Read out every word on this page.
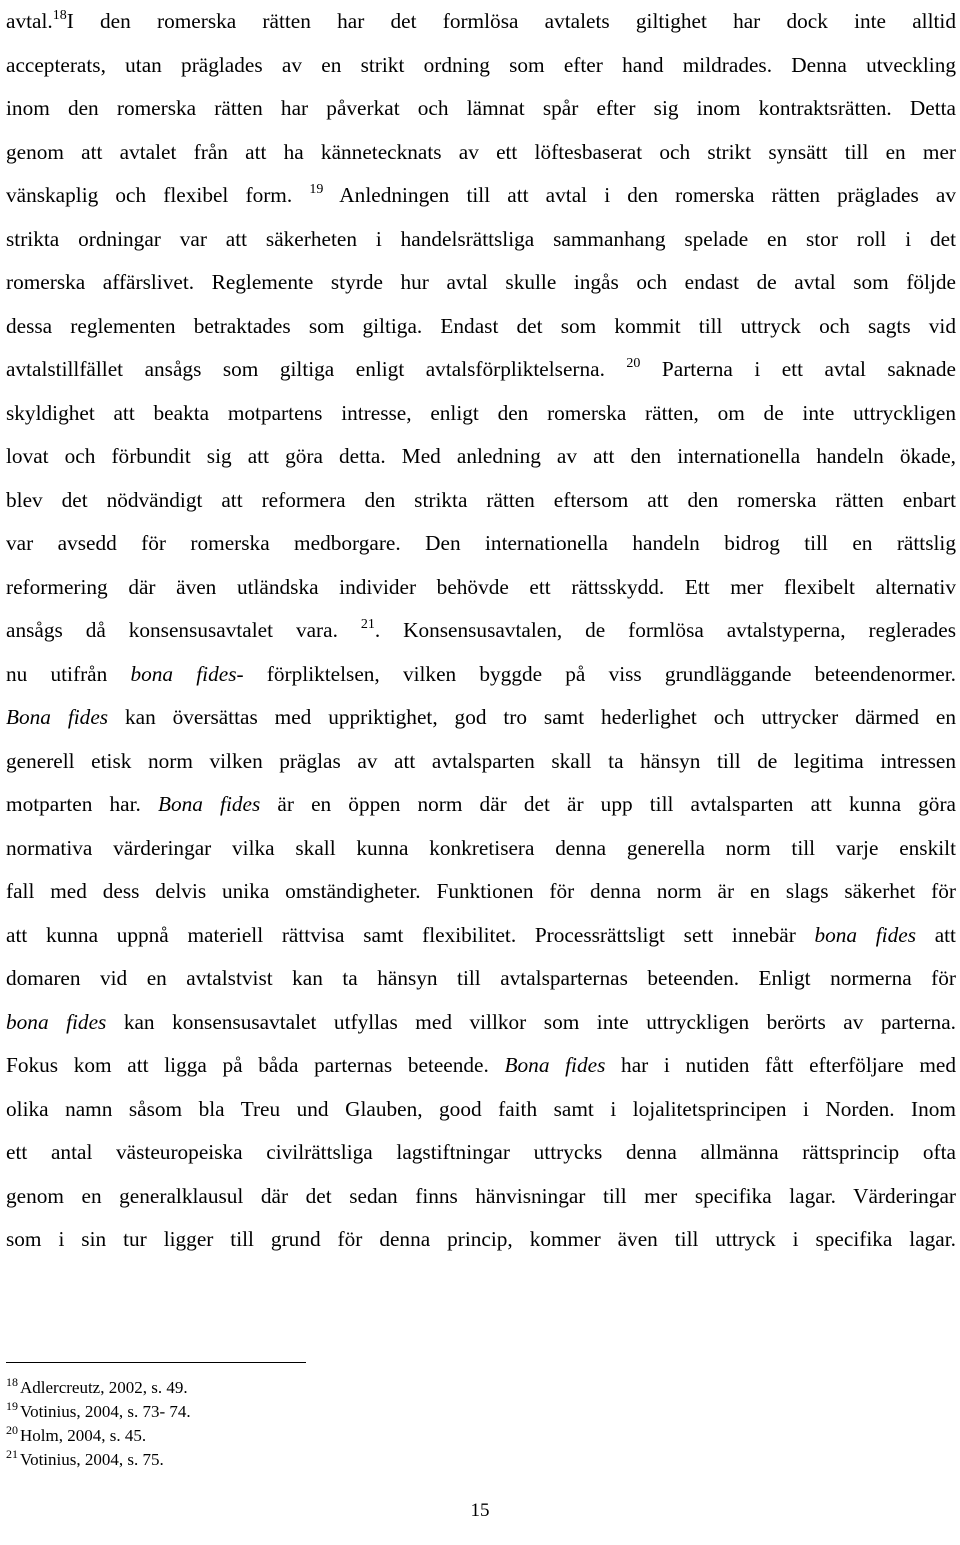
avtal.$^{18}$I den romerska rätten har det formlösa avtalets giltighet har dock inte alltid
accepterats, utan präglades av en strikt ordning som efter hand mildrades. Denna utveckling
inom den romerska rätten har påverkat och lämnat spår efter sig inom kontraktsrätten. Detta
genom att avtalet från att ha kännetecknats av ett löftesbaserat och strikt synsätt till en mer
vänskaplig och flexibel form. $^{19}$ Anledningen till att avtal i den romerska rätten präglades av
strikta ordningar var att säkerheten i handelsrättsliga sammanhang spelade en stor roll i det
romerska affärslivet. Reglemente styrde hur avtal skulle ingås och endast de avtal som följde
dessa reglementen betraktades som giltiga. Endast det som kommit till uttryck och sagts vid
avtalstillfället ansågs som giltiga enligt avtalsförpliktelserna. $^{20}$ Parterna i ett avtal saknade
skyldighet att beakta motpartens intresse, enligt den romerska rätten, om de inte uttryckligen
lovat och förbundit sig att göra detta. Med anledning av att den internationella handeln ökade,
blev det nödvändigt att reformera den strikta rätten eftersom att den romerska rätten enbart
var avsedd för romerska medborgare. Den internationella handeln bidrog till en rättslig
reformering där även utländska individer behövde ett rättsskydd. Ett mer flexibelt alternativ
ansågs då konsensusavtalet vara. $^{21}$. Konsensusavtalen, de formlösa avtalstyperna, reglerades
nu utifrån bona fides- förpliktelsen, vilken byggde på viss grundläggande beteendenormer.
Bona fides kan översättas med uppriktighet, god tro samt hederlighet och uttrycker därmed en
generell etisk norm vilken präglas av att avtalsparten skall ta hänsyn till de legitima intressen
motparten har. Bona fides är en öppen norm där det är upp till avtalsparten att kunna göra
normativa värderingar vilka skall kunna konkretisera denna generella norm till varje enskilt
fall med dess delvis unika omständigheter. Funktionen för denna norm är en slags säkerhet för
att kunna uppnå materiell rättvisa samt flexibilitet. Processrättsligt sett innebär bona fides att
domaren vid en avtalstvist kan ta hänsyn till avtalsparternas beteenden. Enligt normerna för
bona fides kan konsensusavtalet utfyllas med villkor som inte uttryckligen berörts av parterna.
Fokus kom att ligga på båda parternas beteende. Bona fides har i nutiden fått efterföljare med
olika namn såsom bla Treu und Glauben, good faith samt i lojalitetsprincipen i Norden. Inom
ett antal västeuropeiska civilrättsliga lagstiftningar uttrycks denna allmänna rättsprincip ofta
genom en generalklausul där det sedan finns hänvisningar till mer specifika lagar. Värderingar
som i sin tur ligger till grund för denna princip, kommer även till uttryck i specifika lagar.
$^{18}$ Adlercreutz, 2002, s. 49.
$^{19}$ Votinius, 2004, s. 73- 74.
$^{20}$ Holm, 2004, s. 45.
$^{21}$ Votinius, 2004, s. 75.
15
